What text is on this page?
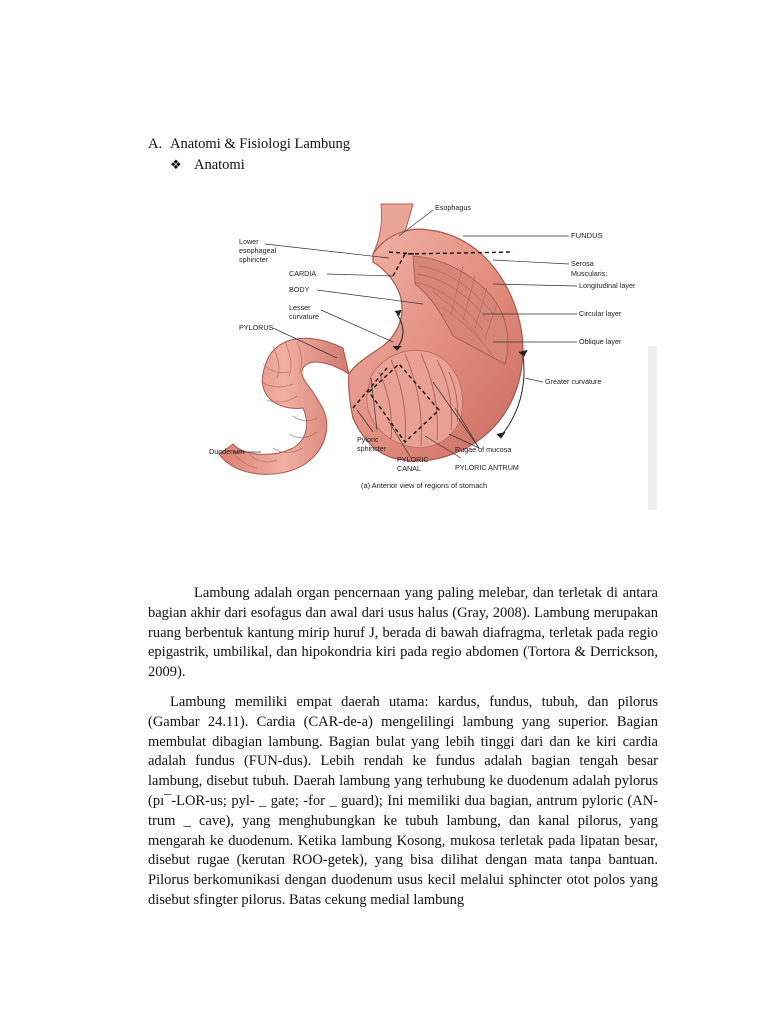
A. Anatomi & Fisiologi Lambung
❖ Anatomi
Esophagus
FUNDUS
Lower
esophageal
sphincter	Serosa
Muscularis:
CARDIA
Longitudinal layer
BODY
Lesser
curvature	Circular layer
PYLORUS
Oblique layer
Greater curvature
Pyloric
sphincter	Rugae of mucosa
Duodenum
PYLORIC
CANAL	PYLORIC ANTRUM
(a) Anterior view of regions of stomach

Lambung adalah organ pencernaan yang paling melebar, dan terletak di antara bagian akhir dari esofagus dan awal dari usus halus (Gray, 2008). Lambung merupakan ruang berbentuk kantung mirip huruf J, berada di bawah diafragma, terletak pada regio epigastrik, umbilikal, dan hipokondria kiri pada regio abdomen (Tortora & Derrickson, 2009).

Lambung memiliki empat daerah utama: kardus, fundus, tubuh, dan pilorus (Gambar 24.11). Cardia (CAR-de-a) mengelilingi lambung yang superior. Bagian membulat dibagian lambung. Bagian bulat yang lebih tinggi dari dan ke kiri cardia adalah fundus (FUN-dus). Lebih rendah ke fundus adalah bagian tengah besar lambung, disebut tubuh. Daerah lambung yang terhubung ke duodenum adalah pylorus (pı¯-LOR-us; pyl- _ gate; -for _ guard); Ini memiliki dua bagian, antrum pyloric (AN-trum _ cave), yang menghubungkan ke tubuh lambung, dan kanal pilorus, yang mengarah ke duodenum. Ketika lambung Kosong, mukosa terletak pada lipatan besar, disebut rugae (kerutan ROO-getek), yang bisa dilihat dengan mata tanpa bantuan. Pilorus berkomunikasi dengan duodenum usus kecil melalui sphincter otot polos yang disebut sfingter pilorus. Batas cekung medial lambung
